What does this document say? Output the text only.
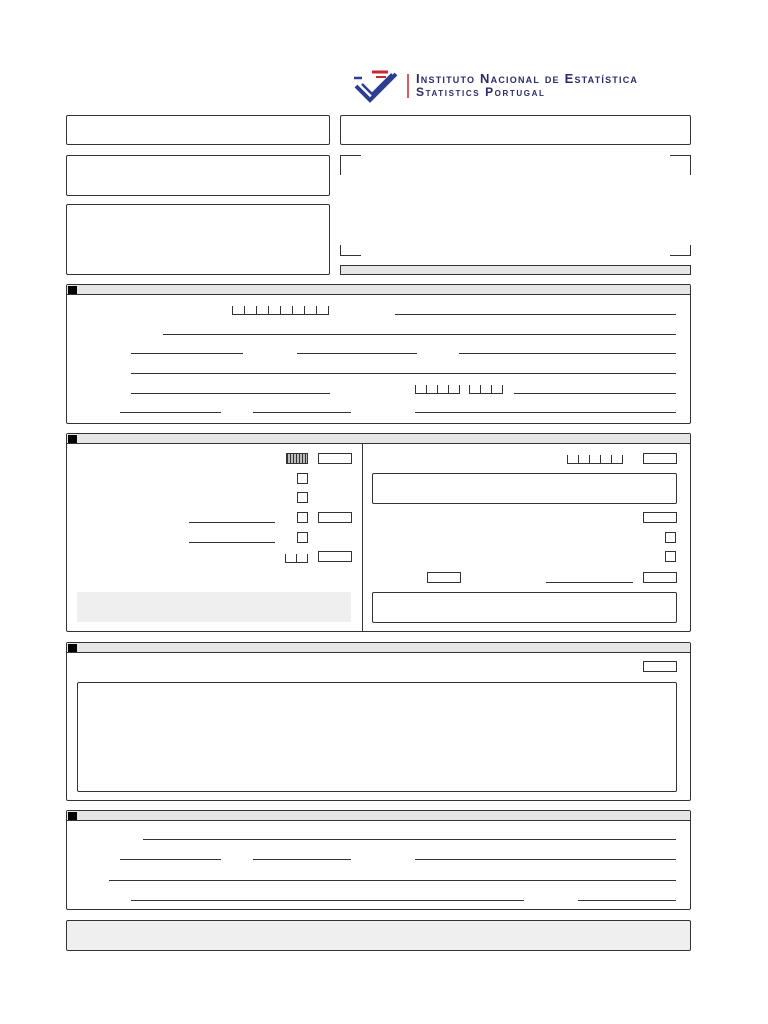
Instituto Nacional de Estatística
Statistics Portugal
